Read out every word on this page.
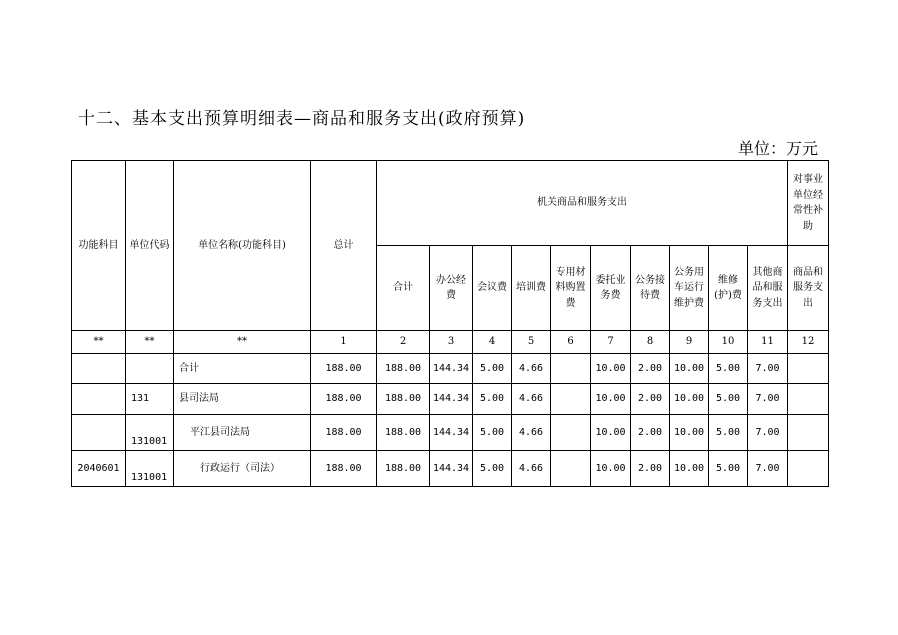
十二、基本支出预算明细表—商品和服务支出(政府预算)
单位：万元
功能科目	单位代码	单位名称(功能科目)	总计	机关商品和服务支出										对事业单位经常性补助
				合计	办公经费	会议费	培训费	专用材料购置费	委托业务费	公务接待费	公务用车运行维护费	维修(护)费	其他商品和服务支出	商品和服务支出
**	**	**	1	2	3	4	5	6	7	8	9	10	11	12
		合计	188.00	188.00	144.34	5.00	4.66		10.00	2.00	10.00	5.00	7.00	
	131	县司法局	188.00	188.00	144.34	5.00	4.66		10.00	2.00	10.00	5.00	7.00	
	131001	平江县司法局	188.00	188.00	144.34	5.00	4.66		10.00	2.00	10.00	5.00	7.00	
2040601	131001	行政运行（司法）	188.00	188.00	144.34	5.00	4.66		10.00	2.00	10.00	5.00	7.00	
